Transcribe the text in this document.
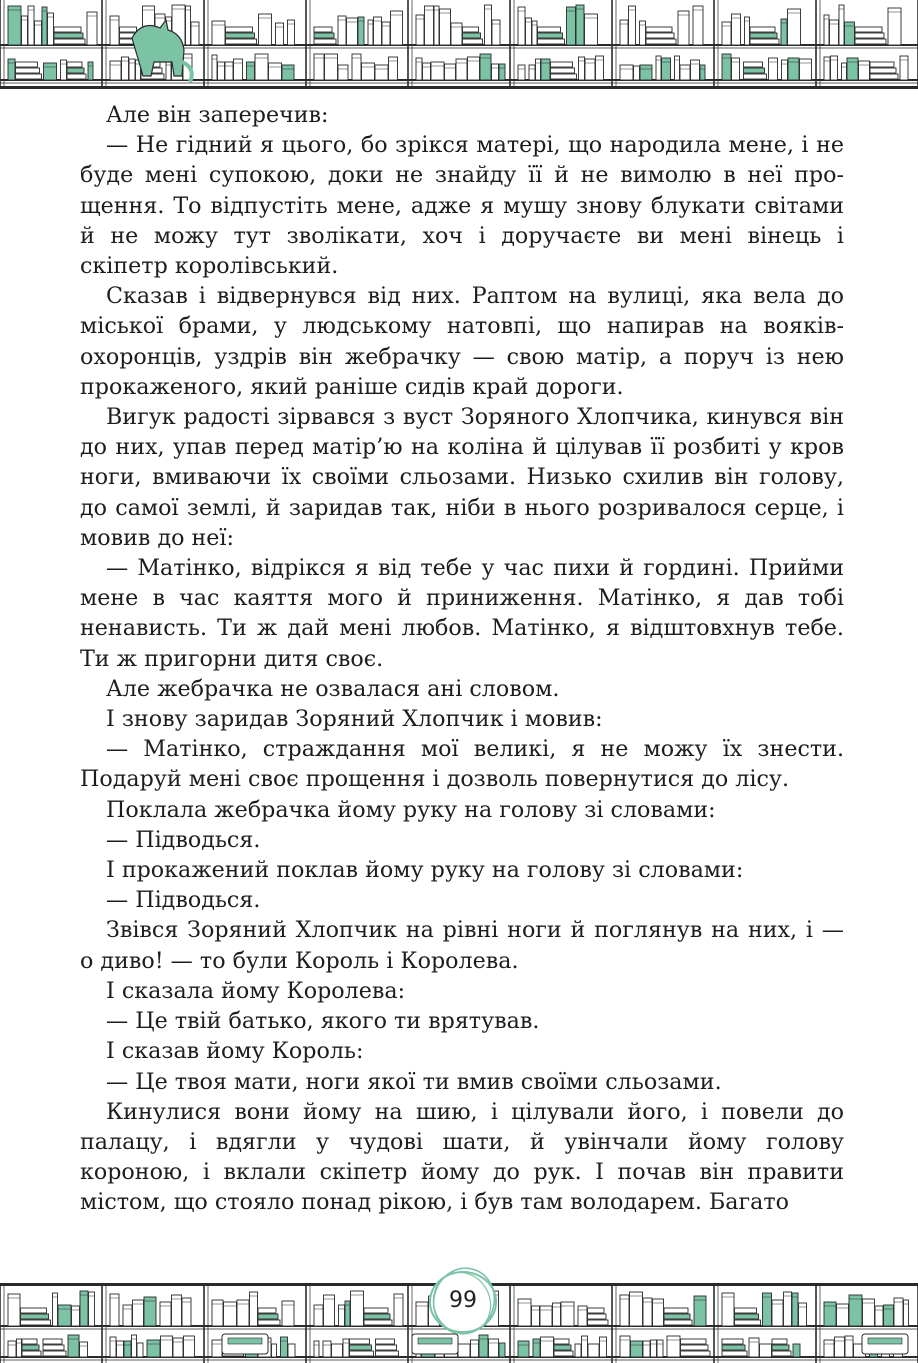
Але він заперечив:

— Не гідний я цього, бо зрікся матері, що народила мене, і не буде мені супокою, доки не знайду її й не вимолю в неї прощення. То відпустіть мене, адже я мушу знову блукати світами й не можу тут зволікати, хоч і доручаєте ви мені вінець і скіпетр королівський.

Сказав і відвернувся від них. Раптом на вулиці, яка вела до міської брами, у людському натовпі, що напирав на вояків-охоронців, уздрів він жебрачку — свою матір, а поруч із нею прокаженого, який раніше сидів край дороги.

Вигук радості зірвався з вуст Зоряного Хлопчика, кинувся він до них, упав перед матір’ю на коліна й цілував її розбиті у кров ноги, вмиваючи їх своїми сльозами. Низько схилив він голову, до самої землі, й заридав так, ніби в нього розривалося серце, і мовив до неї:

— Матінко, відрікся я від тебе у час пихи й гордині. Прийми мене в час каяття мого й приниження. Матінко, я дав тобі ненависть. Ти ж дай мені любов. Матінко, я відштовхнув тебе. Ти ж пригорни дитя своє.

Але жебрачка не озвалася ані словом.

І знову заридав Зоряний Хлопчик і мовив:

— Матінко, страждання мої великі, я не можу їх знести. Подаруй мені своє прощення і дозволь повернутися до лісу.

Поклала жебрачка йому руку на голову зі словами:

— Підводься.

І прокажений поклав йому руку на голову зі словами:

— Підводься.

Звівся Зоряний Хлопчик на рівні ноги й поглянув на них, і — о диво! — то були Король і Королева.

І сказала йому Королева:

— Це твій батько, якого ти врятував.

І сказав йому Король:

— Це твоя мати, ноги якої ти вмив своїми сльозами.

Кинулися вони йому на шию, і цілували його, і повели до палацу, і вдягли у чудові шати, й увінчали йому голову короною, і вклали скіпетр йому до рук. І почав він правити містом, що стояло понад рікою, і був там володарем. Багато

99
